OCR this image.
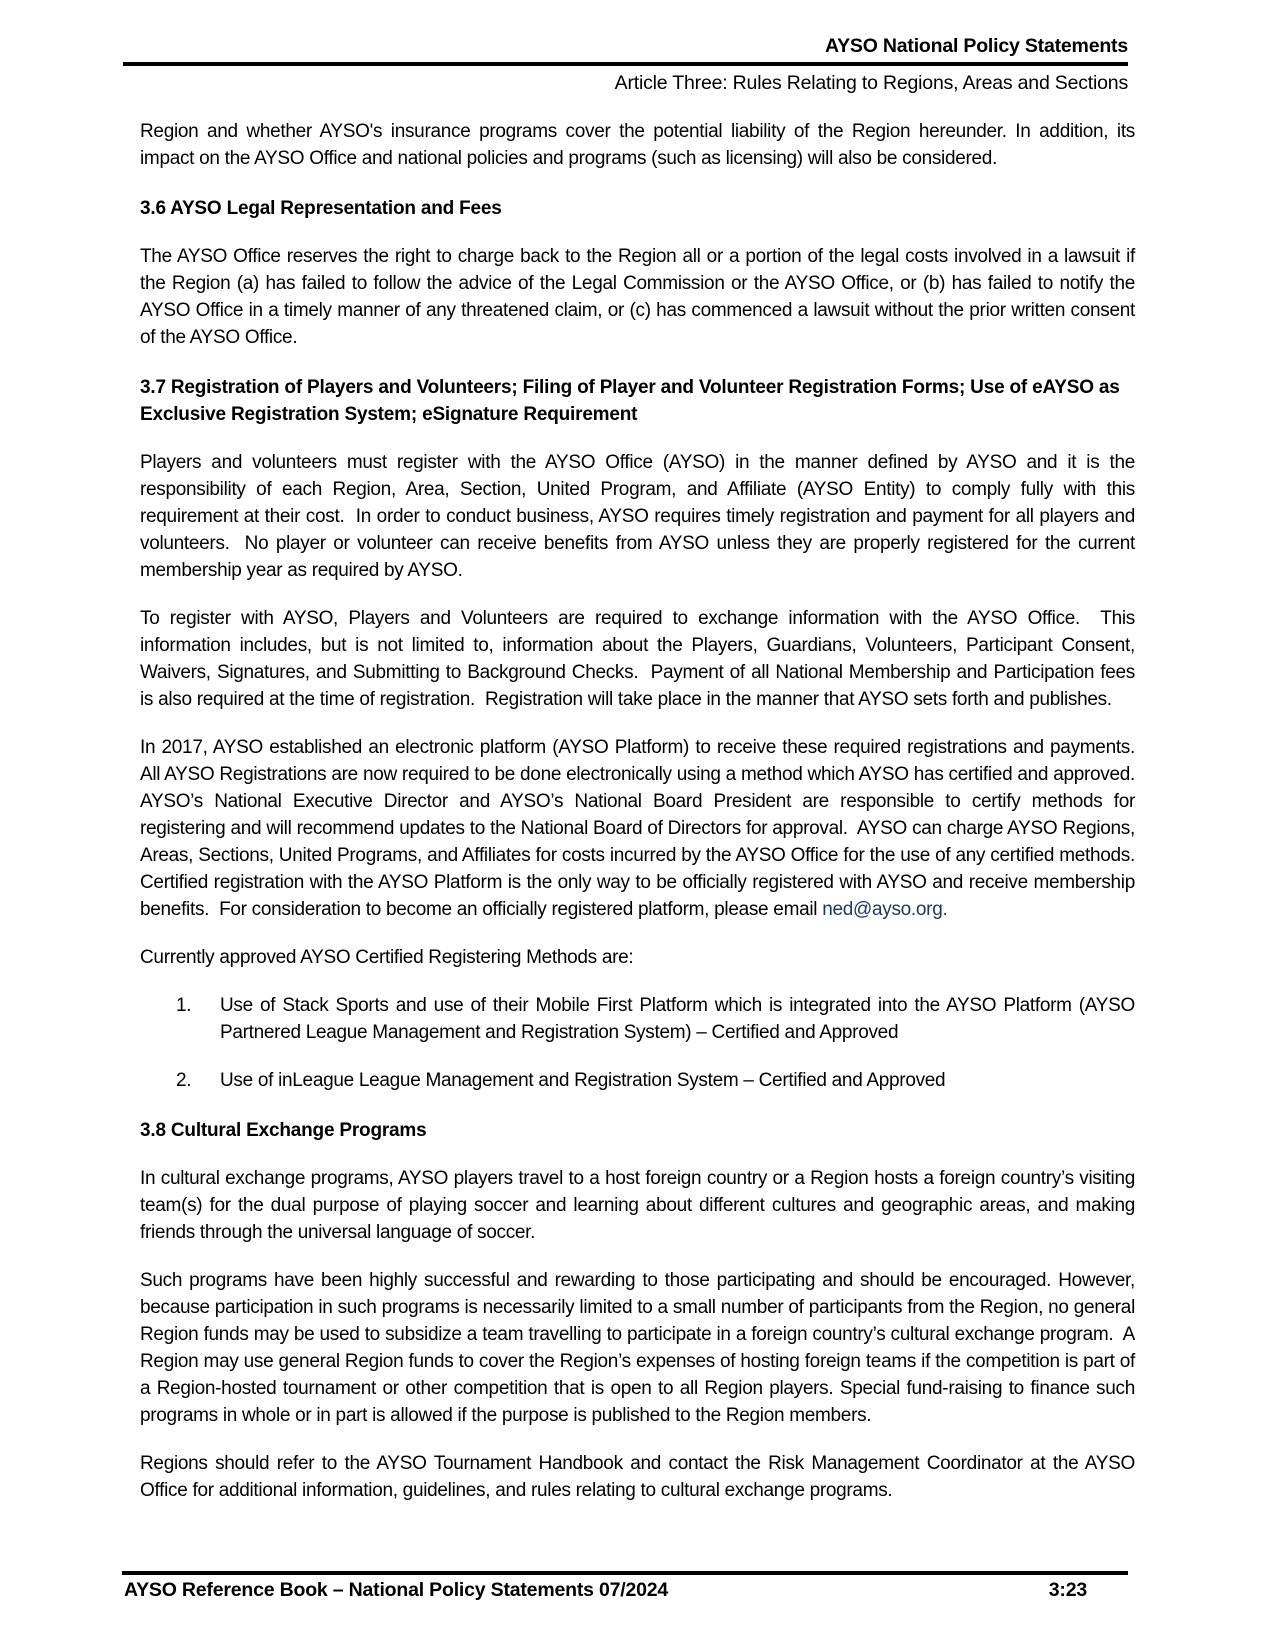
AYSO National Policy Statements
Article Three: Rules Relating to Regions, Areas and Sections
Region and whether AYSO's insurance programs cover the potential liability of the Region hereunder. In addition, its impact on the AYSO Office and national policies and programs (such as licensing) will also be considered.
3.6 AYSO Legal Representation and Fees
The AYSO Office reserves the right to charge back to the Region all or a portion of the legal costs involved in a lawsuit if the Region (a) has failed to follow the advice of the Legal Commission or the AYSO Office, or (b) has failed to notify the AYSO Office in a timely manner of any threatened claim, or (c) has commenced a lawsuit without the prior written consent of the AYSO Office.
3.7 Registration of Players and Volunteers; Filing of Player and Volunteer Registration Forms; Use of eAYSO as Exclusive Registration System; eSignature Requirement
Players and volunteers must register with the AYSO Office (AYSO) in the manner defined by AYSO and it is the responsibility of each Region, Area, Section, United Program, and Affiliate (AYSO Entity) to comply fully with this requirement at their cost.  In order to conduct business, AYSO requires timely registration and payment for all players and volunteers.  No player or volunteer can receive benefits from AYSO unless they are properly registered for the current membership year as required by AYSO.
To register with AYSO, Players and Volunteers are required to exchange information with the AYSO Office.  This information includes, but is not limited to, information about the Players, Guardians, Volunteers, Participant Consent, Waivers, Signatures, and Submitting to Background Checks.  Payment of all National Membership and Participation fees is also required at the time of registration.  Registration will take place in the manner that AYSO sets forth and publishes.
In 2017, AYSO established an electronic platform (AYSO Platform) to receive these required registrations and payments.  All AYSO Registrations are now required to be done electronically using a method which AYSO has certified and approved.  AYSO’s National Executive Director and AYSO’s National Board President are responsible to certify methods for registering and will recommend updates to the National Board of Directors for approval.  AYSO can charge AYSO Regions, Areas, Sections, United Programs, and Affiliates for costs incurred by the AYSO Office for the use of any certified methods.  Certified registration with the AYSO Platform is the only way to be officially registered with AYSO and receive membership benefits.  For consideration to become an officially registered platform, please email ned@ayso.org.
Currently approved AYSO Certified Registering Methods are:
1.	Use of Stack Sports and use of their Mobile First Platform which is integrated into the AYSO Platform (AYSO Partnered League Management and Registration System) – Certified and Approved
2.	Use of inLeague League Management and Registration System – Certified and Approved
3.8 Cultural Exchange Programs
In cultural exchange programs, AYSO players travel to a host foreign country or a Region hosts a foreign country’s visiting team(s) for the dual purpose of playing soccer and learning about different cultures and geographic areas, and making friends through the universal language of soccer.
Such programs have been highly successful and rewarding to those participating and should be encouraged. However, because participation in such programs is necessarily limited to a small number of participants from the Region, no general Region funds may be used to subsidize a team travelling to participate in a foreign country’s cultural exchange program.  A Region may use general Region funds to cover the Region’s expenses of hosting foreign teams if the competition is part of a Region-hosted tournament or other competition that is open to all Region players. Special fund-raising to finance such programs in whole or in part is allowed if the purpose is published to the Region members.
Regions should refer to the AYSO Tournament Handbook and contact the Risk Management Coordinator at the AYSO Office for additional information, guidelines, and rules relating to cultural exchange programs.
AYSO Reference Book – National Policy Statements 07/2024	3:23
